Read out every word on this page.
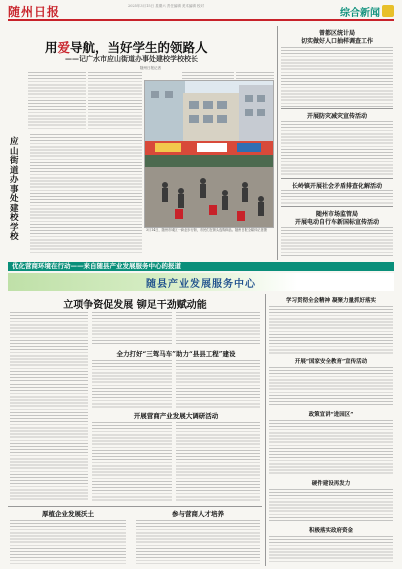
随州日报	2025年3月15日 星期六 责任编辑 美术编辑 校对
综合新闻
用爱导航，当好学生的领路人
——记广水市应山街道办事处建校学校校长
随州日报记者
应山街道办事处建校学校
3月14日，随州市城区一商业步行街，市民们在街头选购商品。随州日报全媒体记者摄
曾都区统计局
切实做好人口抽样调查工作
开展防灾减灾宣传活动
长岭镇开展社会矛盾排查化解活动
随州市场监管局
开展电动自行车新国标宣传活动
优化营商环境在行动——来自随县产业发展服务中心的报道
随县产业发展服务中心
立项争资促发展 铆足干劲赋动能
全力打好“三驾马车”助力“县县工程”建设
开展营商产业发展大调研活动
厚植企业发展沃土	参与营商人才培养
学习贯彻全会精神 凝聚力量抓好落实
开展“国家安全教育”宣传活动
政策宣讲“进园区”
硬件建设再发力
积极落实政府资金
